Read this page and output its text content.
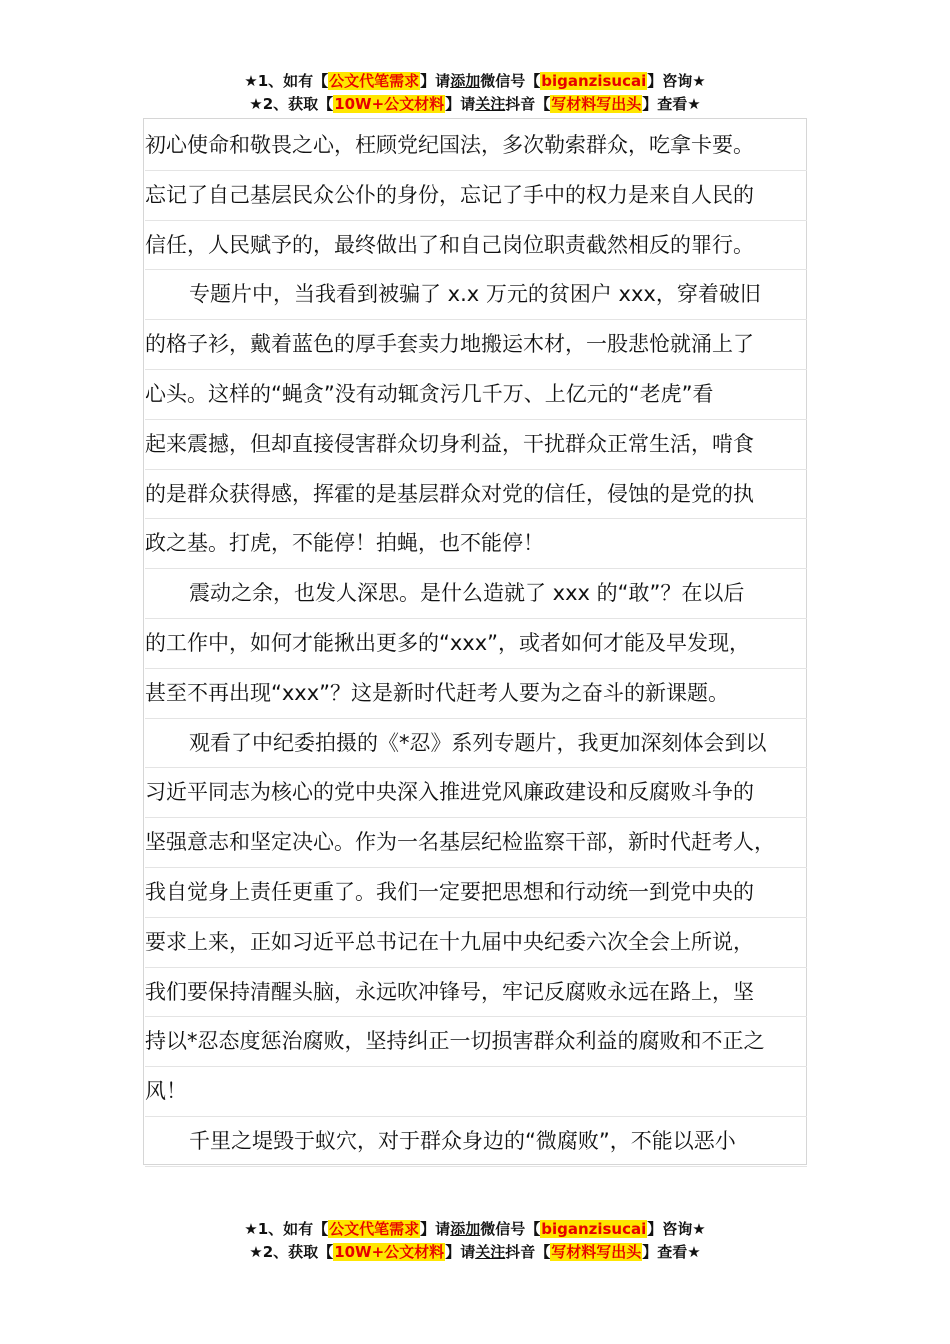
★1、如有【公文代笔需求】请添加微信号【biganzisucai】咨询★
★2、获取【10W+公文材料】请关注抖音【写材料写出头】查看★
初心使命和敬畏之心，枉顾党纪国法，多次勒索群众，吃拿卡要。
忘记了自己基层民众公仆的身份，忘记了手中的权力是来自人民的
信任，人民赋予的，最终做出了和自己岗位职责截然相反的罪行。
专题片中，当我看到被骗了 x.x 万元的贫困户 xxx，穿着破旧
的格子衫，戴着蓝色的厚手套卖力地搬运木材，一股悲怆就涌上了
心头。这样的“蝇贪”没有动辄贪污几千万、上亿元的“老虎”看
起来震撼，但却直接侵害群众切身利益，干扰群众正常生活，啃食
的是群众获得感，挥霍的是基层群众对党的信任，侵蚀的是党的执
政之基。打虎，不能停！拍蝇，也不能停！
震动之余，也发人深思。是什么造就了 xxx 的“敢”？在以后
的工作中，如何才能揪出更多的“xxx”，或者如何才能及早发现，
甚至不再出现“xxx”？这是新时代赶考人要为之奋斗的新课题。
观看了中纪委拍摄的《*忍》系列专题片，我更加深刻体会到以
习近平同志为核心的党中央深入推进党风廉政建设和反腐败斗争的
坚强意志和坚定决心。作为一名基层纪检监察干部，新时代赶考人，
我自觉身上责任更重了。我们一定要把思想和行动统一到党中央的
要求上来，正如习近平总书记在十九届中央纪委六次全会上所说，
我们要保持清醒头脑，永远吹冲锋号，牢记反腐败永远在路上，坚
持以*忍态度惩治腐败，坚持纠正一切损害群众利益的腐败和不正之
风！
千里之堤毁于蚁穴，对于群众身边的“微腐败”，不能以恶小
★1、如有【公文代笔需求】请添加微信号【biganzisucai】咨询★
★2、获取【10W+公文材料】请关注抖音【写材料写出头】查看★
